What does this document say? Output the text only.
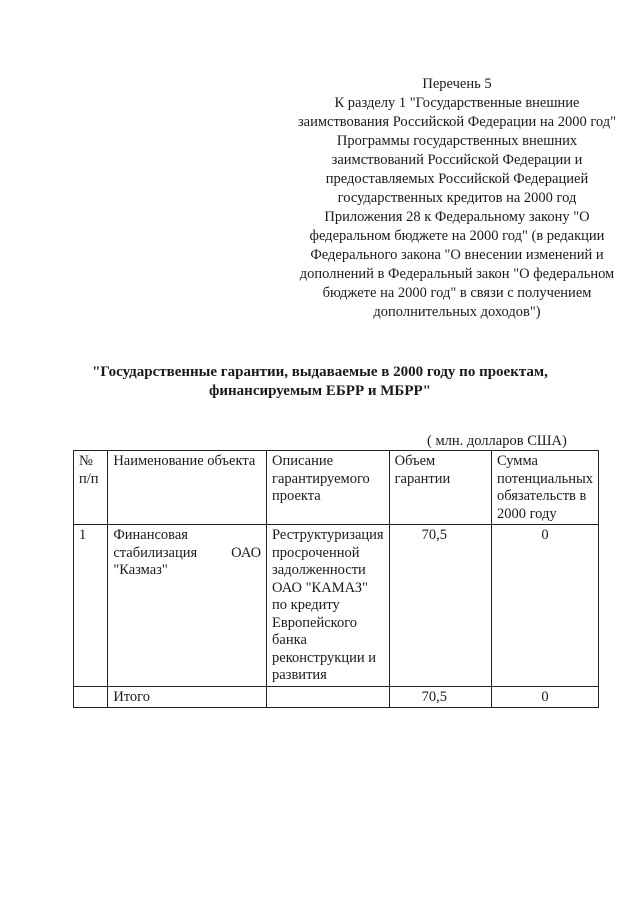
Перечень 5

К разделу 1 "Государственные внешние заимствования Российской Федерации на 2000 год"

Программы государственных внешних заимствований Российской Федерации и предоставляемых Российской Федерацией государственных кредитов на 2000 год

Приложения 28 к Федеральному закону "О федеральном бюджете на 2000 год" (в редакции Федерального закона "О внесении изменений и дополнений в Федеральный закон "О федеральном бюджете на 2000 год" в связи с получением дополнительных доходов")

"Государственные гарантии, выдаваемые в 2000 году по проектам, финансируемым ЕБРР и МБРР"
( млн. долларов США)
№ п/п	Наименование объекта	Описание гарантируемого проекта	Объем гарантии	Сумма потенциальных обязательств в 2000 году
1	Финансовая стабилизация ОАО "Казмаз"	Реструктуризация просроченной задолженности ОАО "КАМАЗ" по кредиту Европейского банка реконструкции и развития	70,5	0
	Итого		70,5	0
